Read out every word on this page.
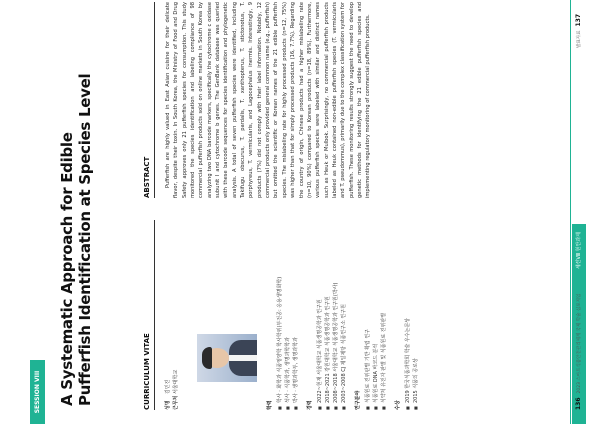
SESSION VIII
세션Ⅷ 현안과제
A Systematic Approach for Edible Pufferfish Identification at Species Level	CURRICULUM VITAE
ABSTRACT
성명김민진
근무처서울대학교
학력
■ 학사 · 화학과 식품영양학 학사학위(부전공: 응용생명화학) ■ 석사 · 식품학과, 생명과학학과 ■ 박사 · 생명과학부, 생명과학과
경력
■ 2022~현재 서울대학교 식품생명공학과 연구원 ■ 2018~2021 강원대학교 식품생명공학과 연구원 ■ 2008~2018 서울대학교 식품생명공학과 연구원(박사) ■ 2003~2008 CJ 제일제당 식품연구소 연구원 연구분야 ■ 식품원료 진위판별 기반 확립 연구 ■ 식품원료 DNA 바코드 분석 ■ 식약처 유전자 판별 및 식품원료 진위판별
수상
■ 2019 한국식품과학회 학술 우수논문상 ■ 2015 식품의 공로상

Pufferfish are highly valued in East Asian cuisine for their delicate flavor, despite their toxin. In South Korea, the Ministry of Food and Drug Safety approves only 21 pufferfish species for consumption. This study monitored the species identification and labeling compliance of 98 commercial pufferfish products sold on online markets in South Korea by analyzing two DNA barcode markers, specifically the cytochrome c oxidase subunit I and cytochrome b genes. The GenBank database was queried with these barcode sequences for species identification and phylogenetic analysis. A total of seven pufferfish species were identified, including Takifugu obscurus, T. pardalis, T. xanthopterus, T. stictonotus, T. porphyreus, T. vermicularis, and Lagocephalus inermis. Interestingly, 9 products (7%) did not comply with their label information. Notably, 12 commercial products only provided general common name (e.g., pufferfish) but omitted the scientific or Korean names of the 21 edible pufferfish species. The mislabeling rate for highly processed products (n=12, 75%) was higher than that for simply processed products (16, 7.7%). Regarding the country of origin, Chinese products had a higher mislabeling rate (n=10, 90%) compared to Korean products (n=18, 89%). Furthermore, various pufferfish species were labeled with similar and distinct names such as Heuk or Mulbok. Surprisingly, no commercial pufferfish products labeled as Heuk contained non-edible pufferfish species (T. vermicularis and T. pseudommus), primarily due to the complex classification system for pufferfish. These monitoring results strongly suggest the need to develop genetic methods for identifying the 21 edible pufferfish species and implementing regulatory monitoring of commercial pufferfish products.

1362023 스마트식품안전관리체계 국제 학술 심포지엄
발표자료137
